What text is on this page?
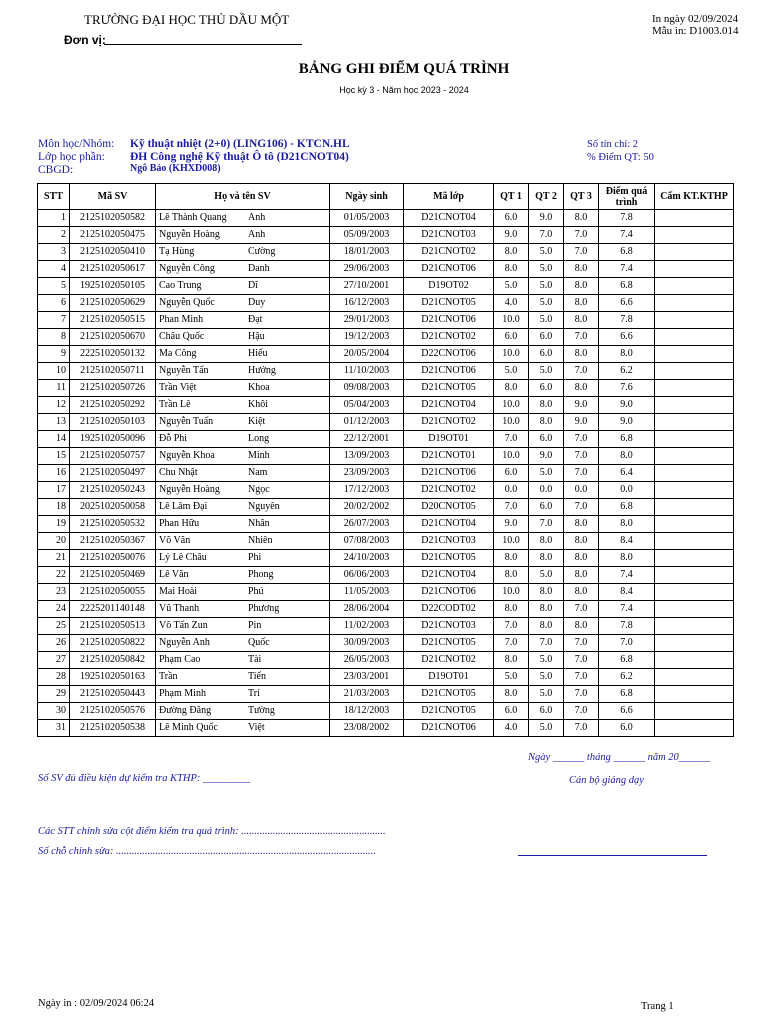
TRƯỜNG ĐẠI HỌC THỦ DẦU MỘT
Đơn vị:
In ngày 02/09/2024
Mẫu in: D1003.014
BẢNG GHI ĐIỂM QUÁ TRÌNH
Học kỳ 3 - Năm học 2023 - 2024
Môn học/Nhóm: Kỹ thuật nhiệt (2+0) (LING106) - KTCN.HL
Lớp học phần: ĐH Công nghệ Kỹ thuật Ô tô (D21CNOT04)
CBGD:	Ngô Bảo (KHXD008)
Số tín chỉ: 2
% Điểm QT: 50
STT	Mã SV	Họ và tên SV	Ngày sinh	Mã lớp	QT 1	QT 2	QT 3	Điểm quá trình	Cấm KT.KTHP
1	2125102050582	Lê Thành Quang Anh	01/05/2003	D21CNOT04	6.0	9.0	8.0	7.8	
2	2125102050475	Nguyễn Hoàng Anh	05/09/2003	D21CNOT03	9.0	7.0	7.0	7.4	
3	2125102050410	Tạ Hùng Cường	18/01/2003	D21CNOT02	8.0	5.0	7.0	6.8	
4	2125102050617	Nguyễn Công Danh	29/06/2003	D21CNOT06	8.0	5.0	8.0	7.4	
5	1925102050105	Cao Trung Dĩ	27/10/2001	D19OT02	5.0	5.0	8.0	6.8	
6	2125102050629	Nguyễn Quốc Duy	16/12/2003	D21CNOT05	4.0	5.0	8.0	6.6	
7	2125102050515	Phan Minh Đạt	29/01/2003	D21CNOT06	10.0	5.0	8.0	7.8	
8	2125102050670	Châu Quốc Hậu	19/12/2003	D21CNOT02	6.0	6.0	7.0	6.6	
9	2225102050132	Ma Công Hiếu	20/05/2004	D22CNOT06	10.0	6.0	8.0	8.0	
10	2125102050711	Nguyễn Tấn Hưởng	11/10/2003	D21CNOT06	5.0	5.0	7.0	6.2	
11	2125102050726	Trần Việt Khoa	09/08/2003	D21CNOT05	8.0	6.0	8.0	7.6	
12	2125102050292	Trần Lê Khôi	05/04/2003	D21CNOT04	10.0	8.0	9.0	9.0	
13	2125102050103	Nguyễn Tuấn Kiệt	01/12/2003	D21CNOT02	10.0	8.0	9.0	9.0	
14	1925102050096	Đỗ Phi Long	22/12/2001	D19OT01	7.0	6.0	7.0	6.8	
15	2125102050757	Nguyễn Khoa Minh	13/09/2003	D21CNOT01	10.0	9.0	7.0	8.0	
16	2125102050497	Chu Nhật Nam	23/09/2003	D21CNOT06	6.0	5.0	7.0	6.4	
17	2125102050243	Nguyễn Hoàng Ngọc	17/12/2003	D21CNOT02	0.0	0.0	0.0	0.0	
18	2025102050058	Lê Lâm Đại Nguyên	20/02/2002	D20CNOT05	7.0	6.0	7.0	6.8	
19	2125102050532	Phan Hữu Nhân	26/07/2003	D21CNOT04	9.0	7.0	8.0	8.0	
20	2125102050367	Võ Văn Nhiên	07/08/2003	D21CNOT03	10.0	8.0	8.0	8.4	
21	2125102050076	Lý Lê Châu Phi	24/10/2003	D21CNOT05	8.0	8.0	8.0	8.0	
22	2125102050469	Lê Văn Phong	06/06/2003	D21CNOT04	8.0	5.0	8.0	7.4	
23	2125102050055	Mai Hoài Phú	11/05/2003	D21CNOT06	10.0	8.0	8.0	8.4	
24	2225201140148	Vũ Thanh Phương	28/06/2004	D22CODT02	8.0	8.0	7.0	7.4	
25	2125102050513	Võ Tấn Zun Pin	11/02/2003	D21CNOT03	7.0	8.0	8.0	7.8	
26	2125102050822	Nguyễn Anh Quốc	30/09/2003	D21CNOT05	7.0	7.0	7.0	7.0	
27	2125102050842	Phạm Cao Tài	26/05/2003	D21CNOT02	8.0	5.0	7.0	6.8	
28	1925102050163	Trần Tiến	23/03/2001	D19OT01	5.0	5.0	7.0	6.2	
29	2125102050443	Phạm Minh Trí	21/03/2003	D21CNOT05	8.0	5.0	7.0	6.8	
30	2125102050576	Đường Đăng Tường	18/12/2003	D21CNOT05	6.0	6.0	7.0	6.6	
31	2125102050538	Lê Minh Quốc Việt	23/08/2002	D21CNOT06	4.0	5.0	7.0	6.0	
Ngày ______ tháng ______ năm 20______
Cán bộ giảng dạy
Số SV đủ điều kiện dự kiểm tra KTHP: _________
Các STT chỉnh sửa cột điểm kiểm tra quá trình: .......................................................
Số chỗ chỉnh sửa: ...................................................................................................
Ngày in : 02/09/2024 06:24	Trang 1
